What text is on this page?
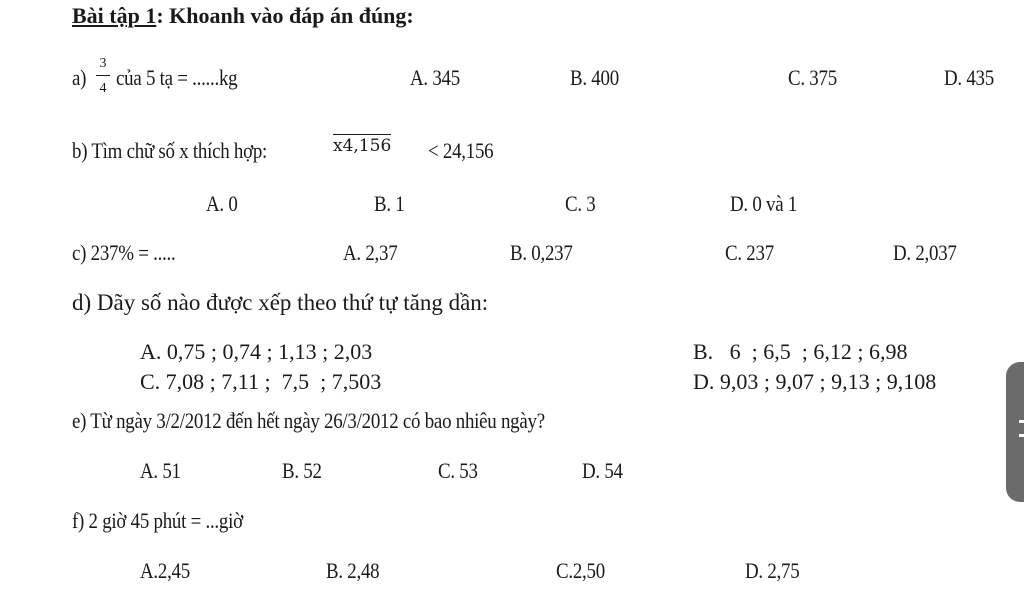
Bài tập 1: Khoanh vào đáp án đúng:
a)
3
4 của 5 tạ = ......kg	A. 345	B. 400	C. 375	D. 435
b) Tìm chữ số x thích hợp:	x4,156 < 24,156
A. 0	B. 1	C. 3	D. 0 và 1
c) 237% = .....	A. 2,37	B. 0,237	C. 237	D. 2,037
d) Dãy số nào được xếp theo thứ tự tăng dần:
A. 0,75 ; 0,74 ; 1,13 ; 2,03	B.   6  ; 6,5  ; 6,12 ; 6,98
C. 7,08 ; 7,11 ;  7,5  ; 7,503	D. 9,03 ; 9,07 ; 9,13 ; 9,108
e) Từ ngày 3/2/2012 đến hết ngày 26/3/2012 có bao nhiêu ngày?
A. 51	B. 52	C. 53	D. 54
f) 2 giờ 45 phút = ...giờ
A.2,45	B. 2,48	C.2,50	D. 2,75
